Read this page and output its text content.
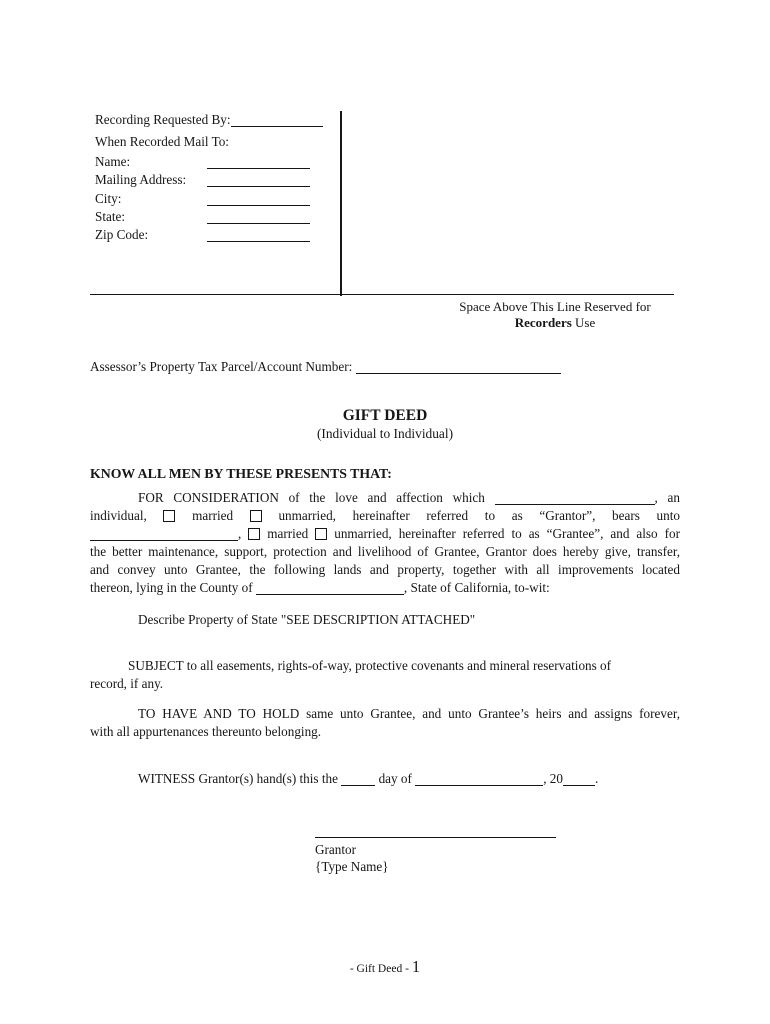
Recording Requested By:
When Recorded Mail To:
Name:
Mailing Address:
City:
State:
Zip Code:
Space Above This Line Reserved for
Recorders Use
Assessor’s Property Tax Parcel/Account Number:
GIFT DEED
(Individual to Individual)
KNOW ALL MEN BY THESE PRESENTS THAT:
FOR CONSIDERATION of the love and affection which	, an
individual,  married  unmarried, hereinafter referred to as “Grantor”, bears unto
,  married  unmarried, hereinafter referred to as “Grantee”, and also for
the better maintenance, support, protection and livelihood of Grantee, Grantor does hereby give, transfer,
and convey unto Grantee, the following lands and property, together with all improvements located
thereon, lying in the County of	, State of California, to-wit:
Describe Property of State "SEE DESCRIPTION ATTACHED"
SUBJECT to all easements, rights-of-way, protective covenants and mineral reservations of
record, if any.
TO HAVE AND TO HOLD same unto Grantee, and unto Grantee’s heirs and assigns forever,
with all appurtenances thereunto belonging.
WITNESS Grantor(s) hand(s) this the	day of	, 20 .
Grantor
{Type Name}
- Gift Deed - 1
